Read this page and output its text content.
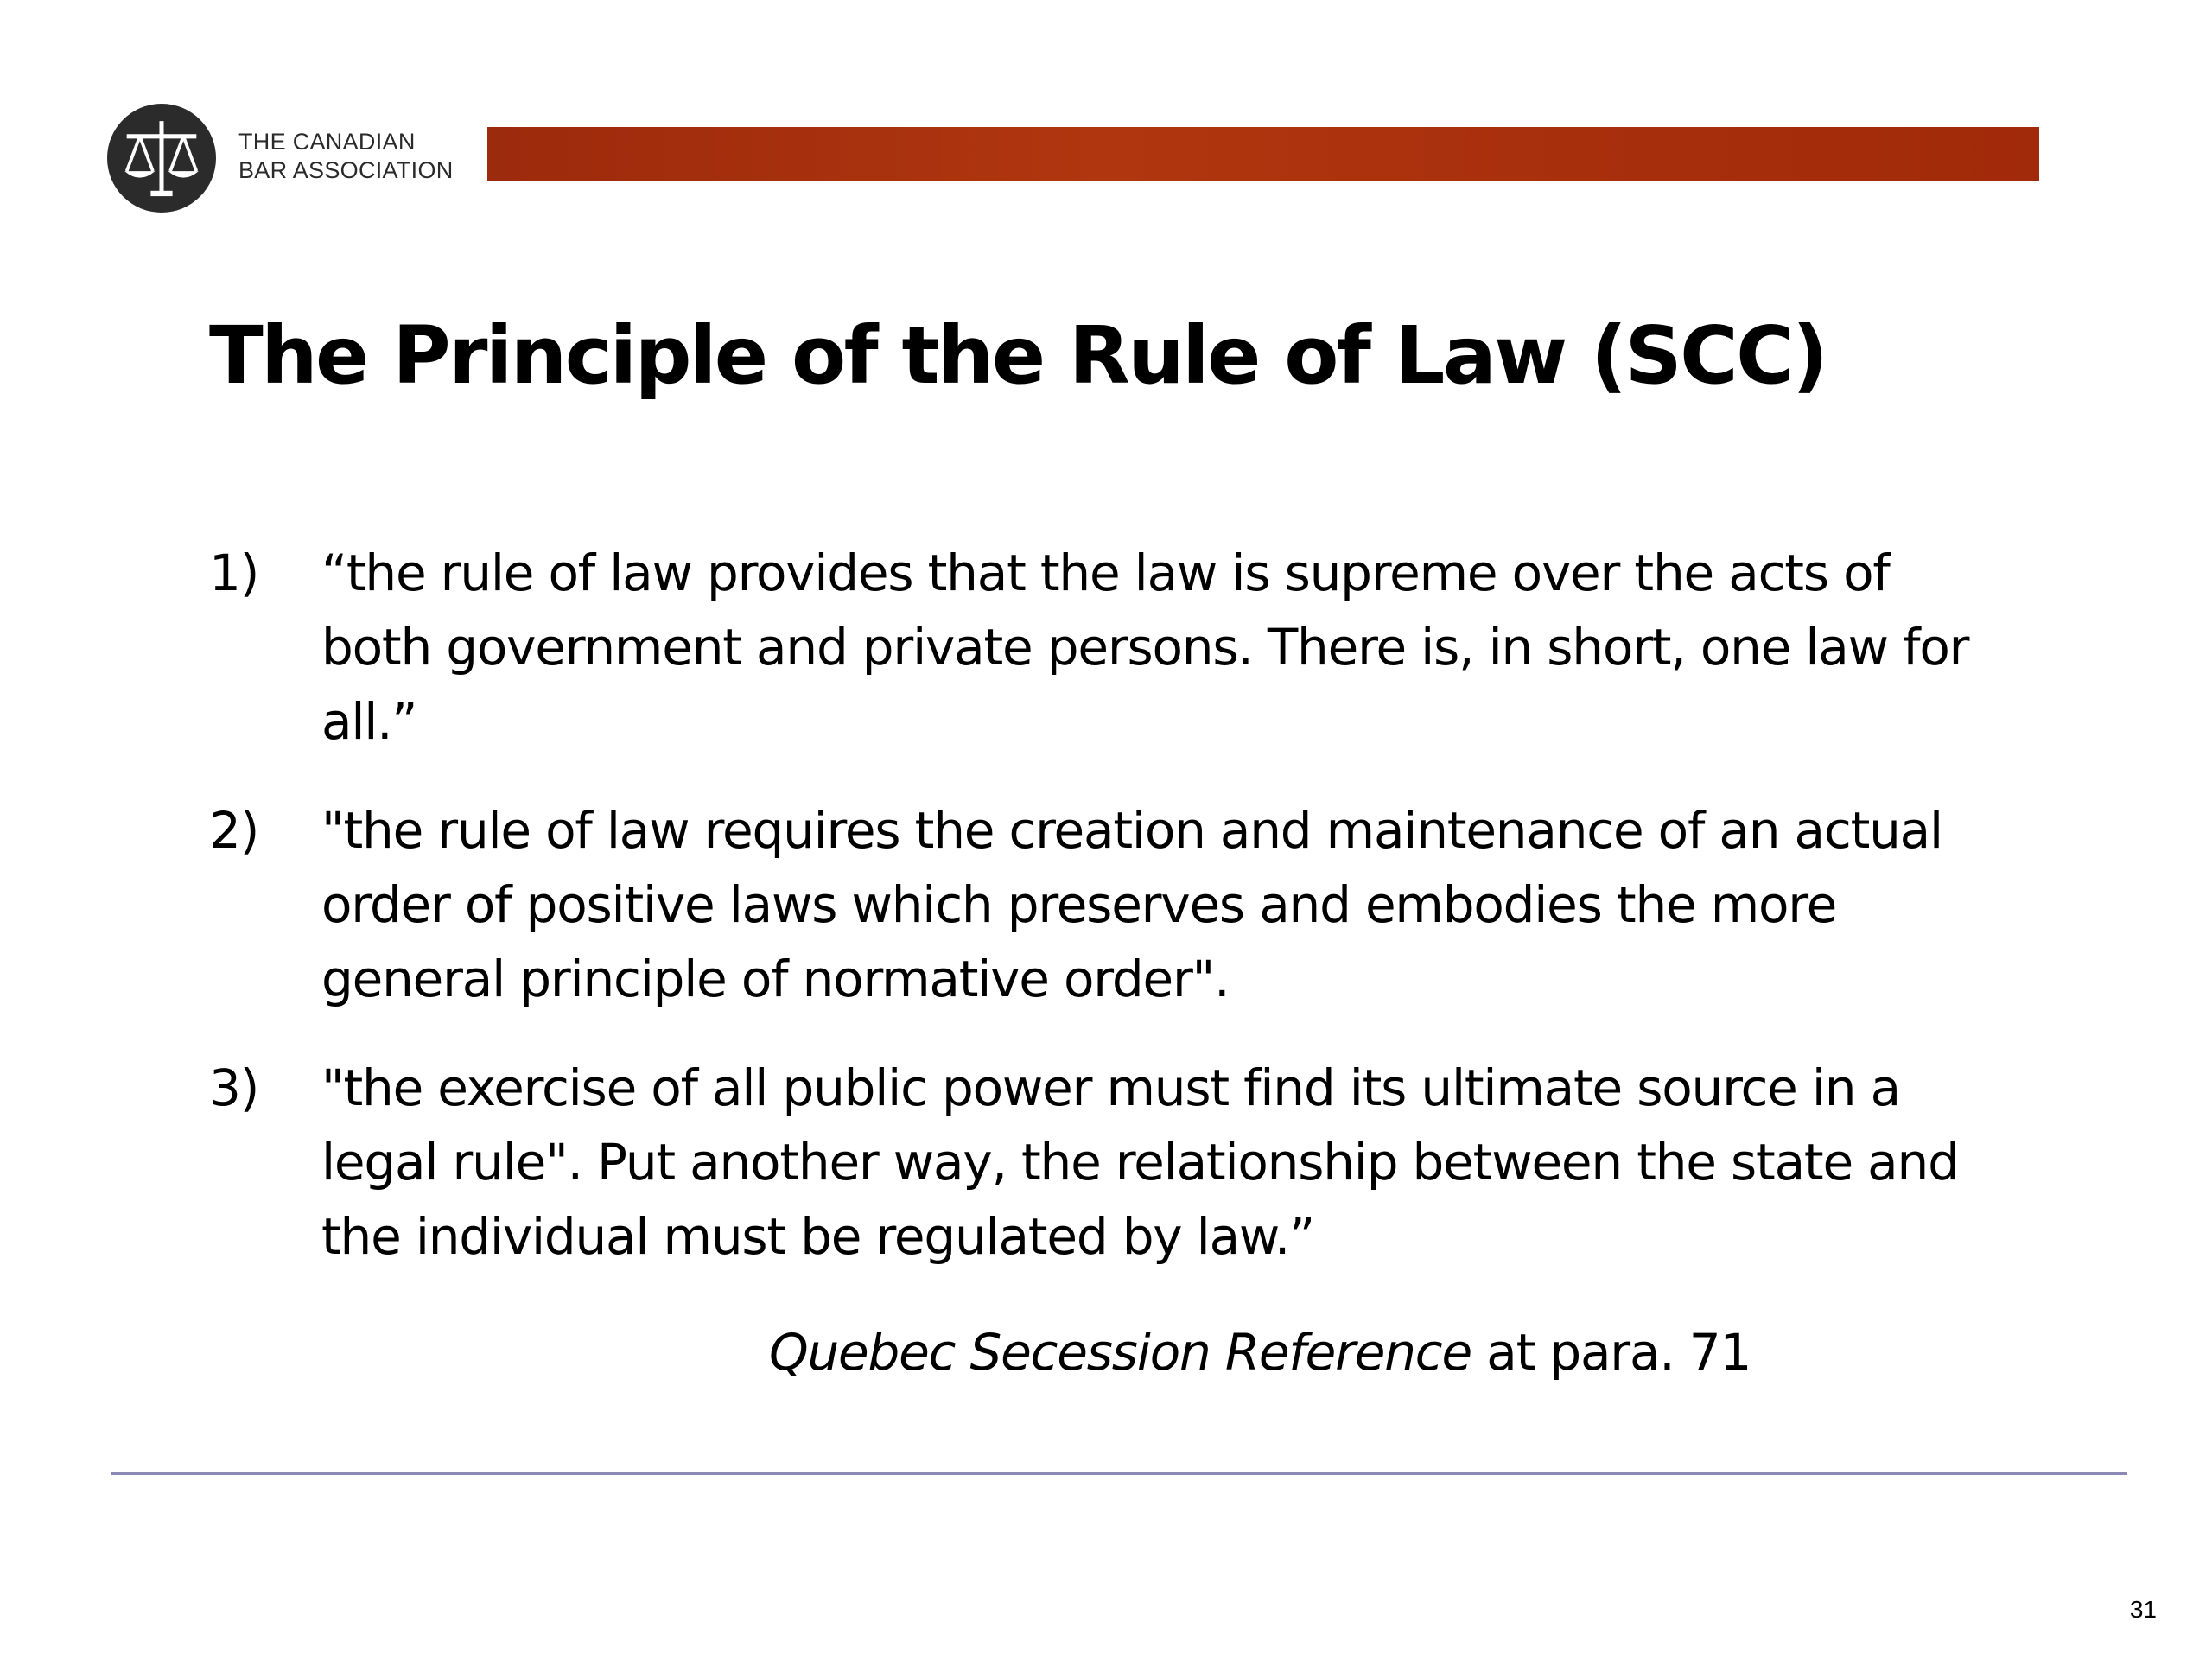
THE CANADIAN
BAR ASSOCIATION
The Principle of the Rule of Law (SCC)
1) “the rule of law provides that the law is supreme over the acts of both government and private persons. There is, in short, one law for all.”
2) "the rule of law requires the creation and maintenance of an actual order of positive laws which preserves and embodies the more general principle of normative order".
3) "the exercise of all public power must find its ultimate source in a legal rule". Put another way, the relationship between the state and the individual must be regulated by law.”
Quebec Secession Reference at para. 71
31
